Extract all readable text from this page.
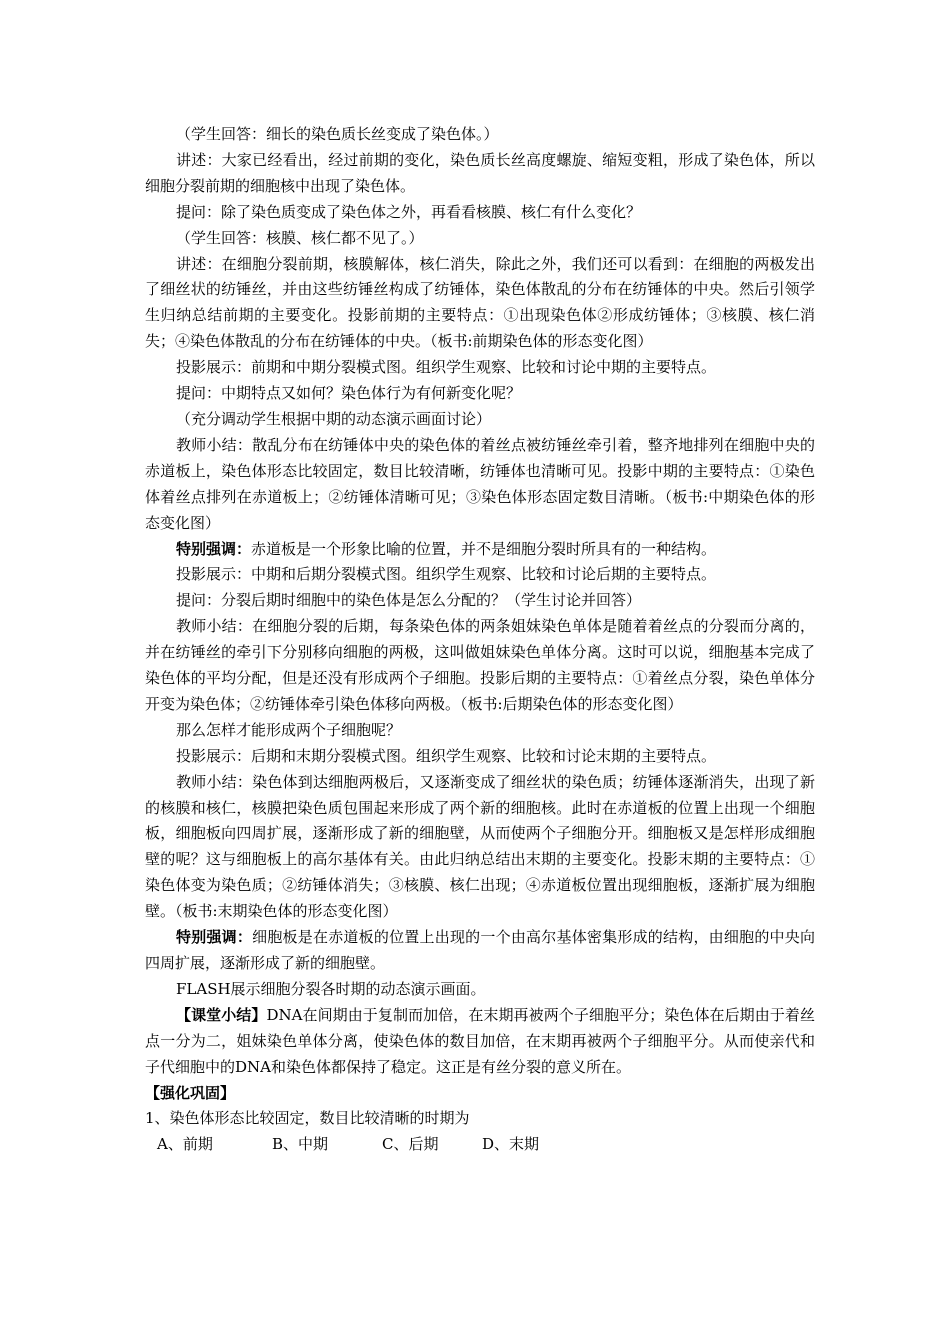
（学生回答：细长的染色质长丝变成了染色体。）

讲述：大家已经看出，经过前期的变化，染色质长丝高度螺旋、缩短变粗，形成了染色体，所以细胞分裂前期的细胞核中出现了染色体。

提问：除了染色质变成了染色体之外，再看看核膜、核仁有什么变化？

（学生回答：核膜、核仁都不见了。）

讲述：在细胞分裂前期，核膜解体，核仁消失，除此之外，我们还可以看到：在细胞的两极发出了细丝状的纺锤丝，并由这些纺锤丝构成了纺锤体，染色体散乱的分布在纺锤体的中央。然后引领学生归纳总结前期的主要变化。投影前期的主要特点：①出现染色体②形成纺锤体；③核膜、核仁消失；④染色体散乱的分布在纺锤体的中央。（板书:前期染色体的形态变化图）

投影展示：前期和中期分裂模式图。组织学生观察、比较和讨论中期的主要特点。

提问：中期特点又如何？染色体行为有何新变化呢？

（充分调动学生根据中期的动态演示画面讨论）

教师小结：散乱分布在纺锤体中央的染色体的着丝点被纺锤丝牵引着，整齐地排列在细胞中央的赤道板上，染色体形态比较固定，数目比较清晰，纺锤体也清晰可见。投影中期的主要特点：①染色体着丝点排列在赤道板上；②纺锤体清晰可见；③染色体形态固定数目清晰。（板书:中期染色体的形态变化图）

特别强调：赤道板是一个形象比喻的位置，并不是细胞分裂时所具有的一种结构。

投影展示：中期和后期分裂模式图。组织学生观察、比较和讨论后期的主要特点。

提问：分裂后期时细胞中的染色体是怎么分配的？（学生讨论并回答）

教师小结：在细胞分裂的后期，每条染色体的两条姐妹染色单体是随着着丝点的分裂而分离的，并在纺锤丝的牵引下分别移向细胞的两极，这叫做姐妹染色单体分离。这时可以说，细胞基本完成了染色体的平均分配，但是还没有形成两个子细胞。投影后期的主要特点：①着丝点分裂，染色单体分开变为染色体；②纺锤体牵引染色体移向两极。（板书:后期染色体的形态变化图）

那么怎样才能形成两个子细胞呢？

投影展示：后期和末期分裂模式图。组织学生观察、比较和讨论末期的主要特点。

教师小结：染色体到达细胞两极后，又逐渐变成了细丝状的染色质；纺锤体逐渐消失，出现了新的核膜和核仁，核膜把染色质包围起来形成了两个新的细胞核。此时在赤道板的位置上出现一个细胞板，细胞板向四周扩展，逐渐形成了新的细胞壁，从而使两个子细胞分开。细胞板又是怎样形成细胞壁的呢？这与细胞板上的高尔基体有关。由此归纳总结出末期的主要变化。投影末期的主要特点：①染色体变为染色质；②纺锤体消失；③核膜、核仁出现；④赤道板位置出现细胞板，逐渐扩展为细胞壁。（板书:末期染色体的形态变化图）

特别强调：细胞板是在赤道板的位置上出现的一个由高尔基体密集形成的结构，由细胞的中央向四周扩展，逐渐形成了新的细胞壁。

FLASH展示细胞分裂各时期的动态演示画面。

【课堂小结】DNA在间期由于复制而加倍，在末期再被两个子细胞平分；染色体在后期由于着丝点一分为二，姐妹染色单体分离，使染色体的数目加倍，在末期再被两个子细胞平分。从而使亲代和子代细胞中的DNA和染色体都保持了稳定。这正是有丝分裂的意义所在。

【强化巩固】

1、染色体形态比较固定，数目比较清晰的时期为

A、前期	B、中期	C、后期	D、末期
